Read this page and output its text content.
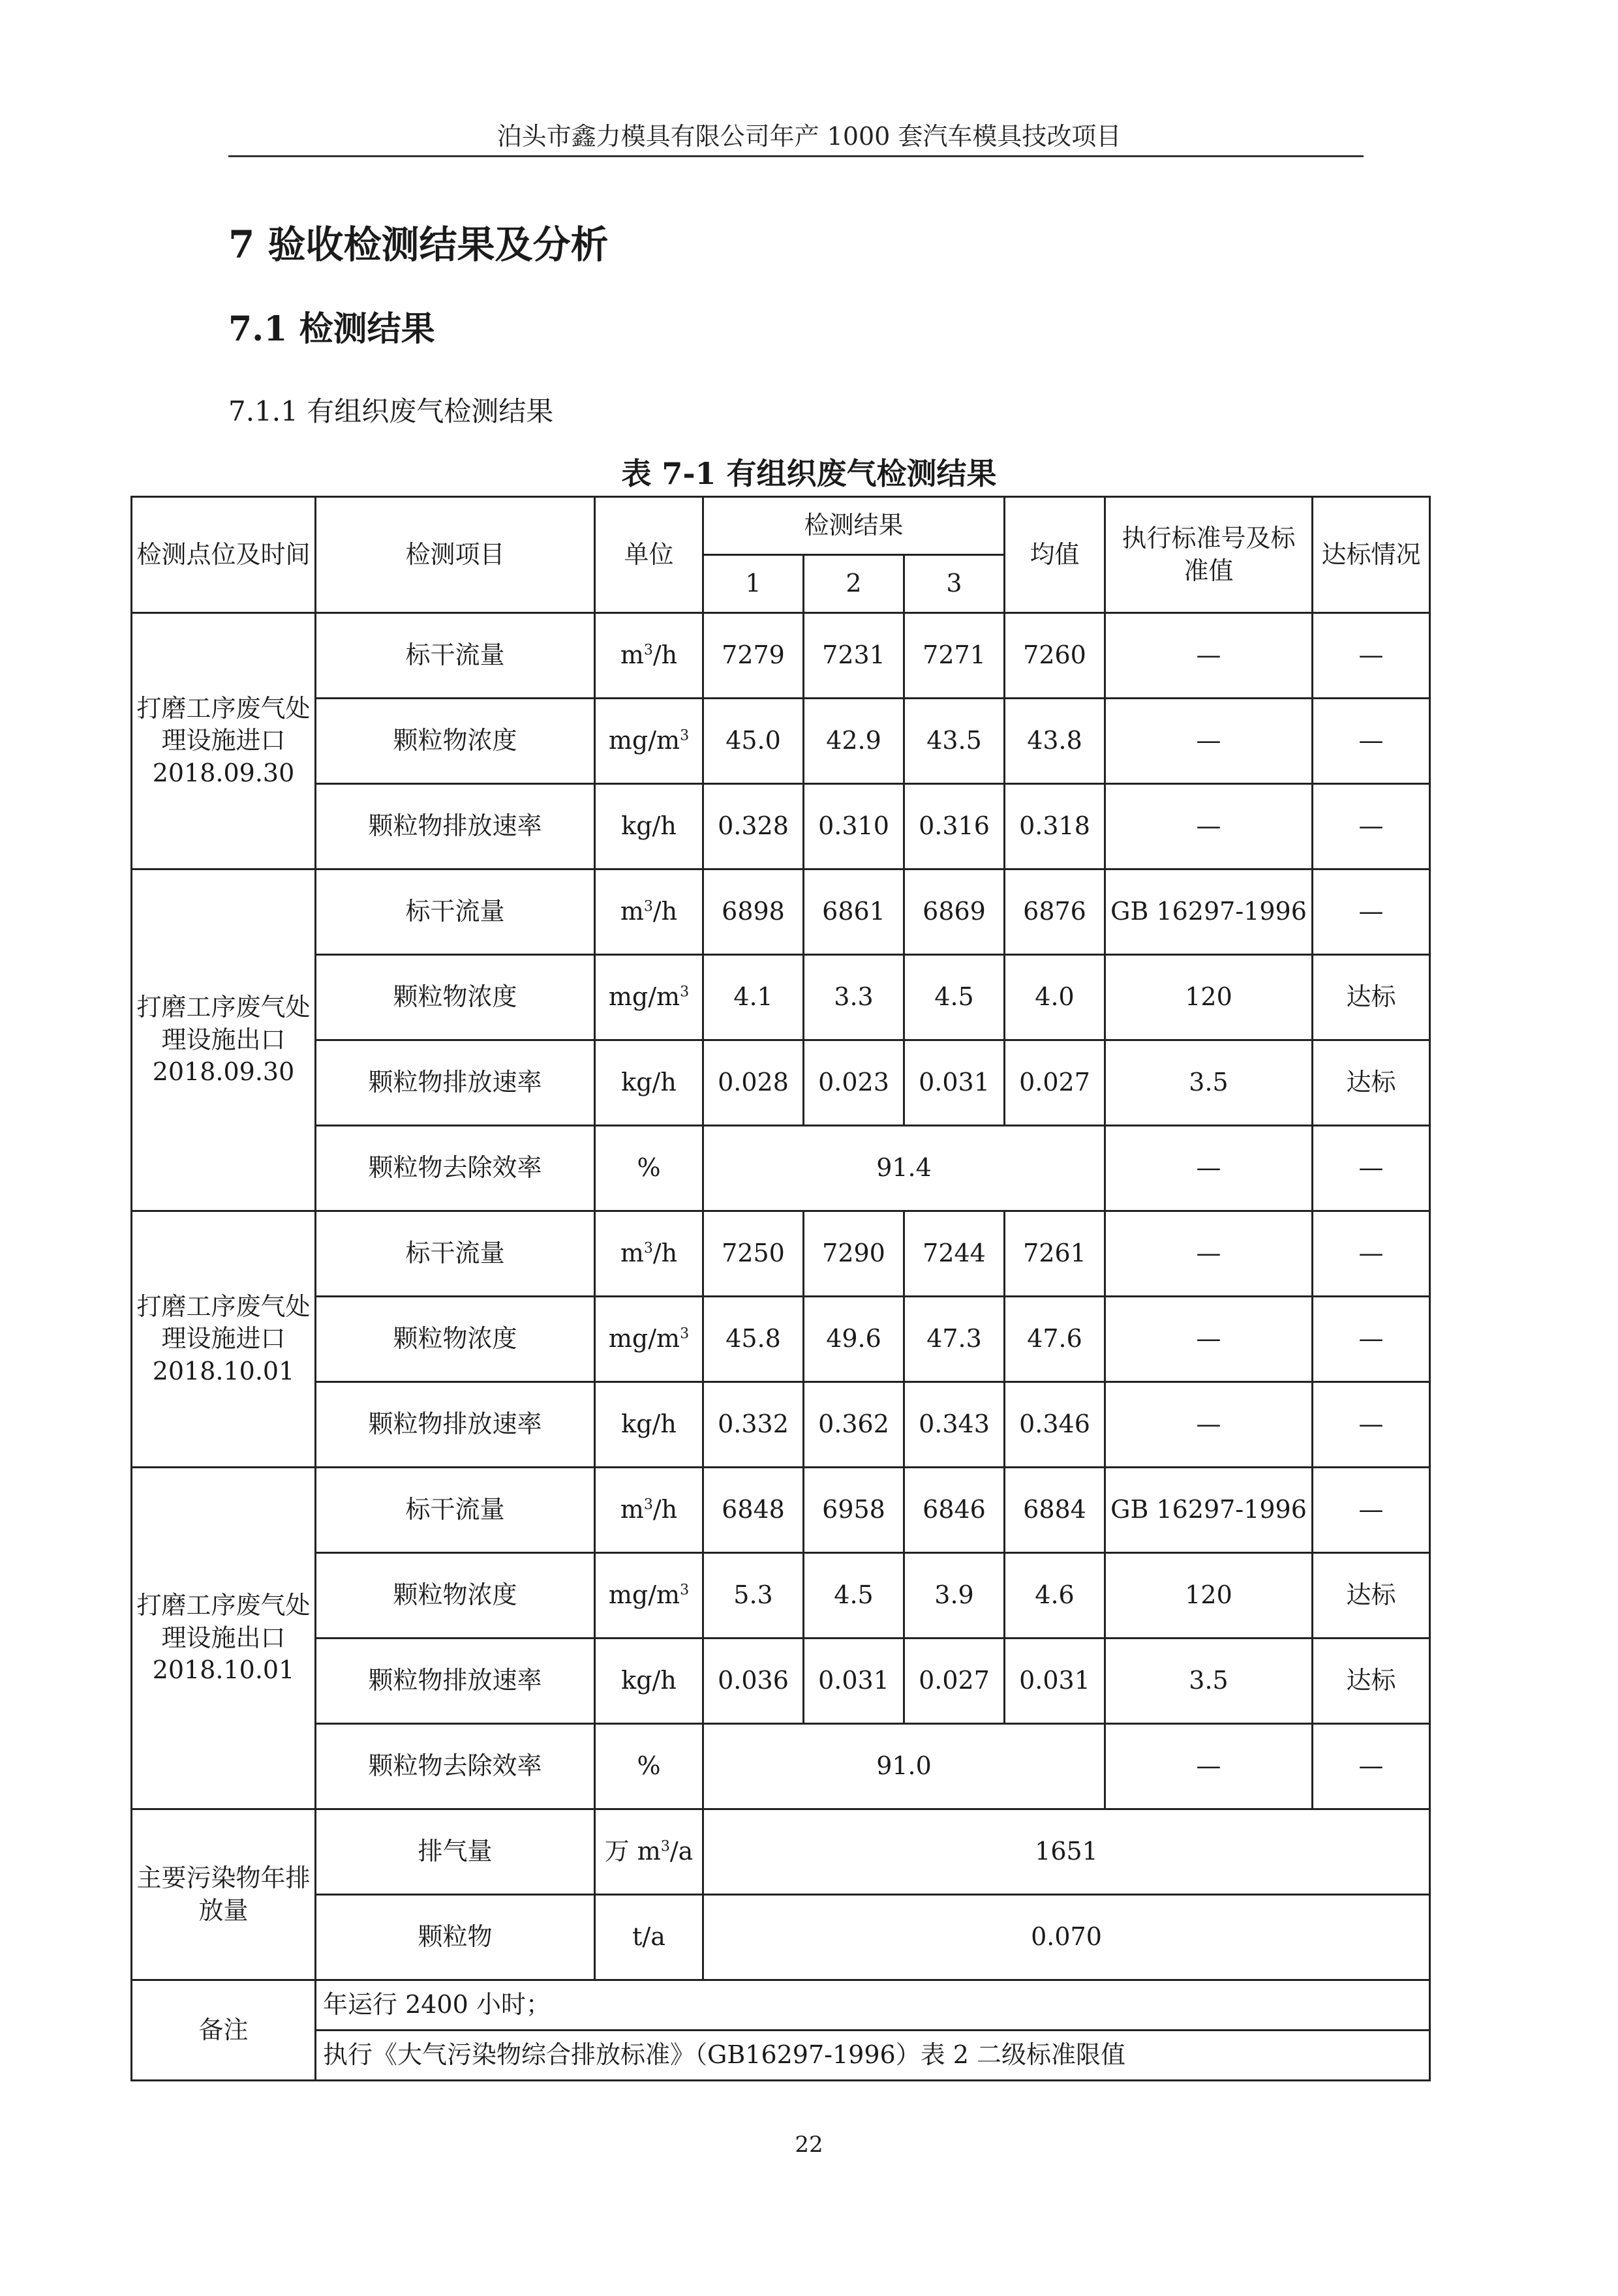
泊头市鑫力模具有限公司年产 1000 套汽车模具技改项目
7 验收检测结果及分析
7.1 检测结果
7.1.1 有组织废气检测结果
表 7-1 有组织废气检测结果
检测点位及时间	检测项目	单位	检测结果			均值	执行标准号及标准值	达标情况
			1	2	3			
打磨工序废气处理设施进口 2018.09.30	标干流量	$m^3/h$	7279	7231	7271	7260	—	—
	颗粒物浓度	$mg/m^3$	45.0	42.9	43.5	43.8	—	—
	颗粒物排放速率	kg/h	0.328	0.310	0.316	0.318	—	—
打磨工序废气处理设施出口 2018.09.30	标干流量	$m^3/h$	6898	6861	6869	6876	GB 16297-1996	—
	颗粒物浓度	$mg/m^3$	4.1	3.3	4.5	4.0	120	达标
	颗粒物排放速率	kg/h	0.028	0.023	0.031	0.027	3.5	达标
	颗粒物去除效率	%	91.4				—	—
打磨工序废气处理设施进口 2018.10.01	标干流量	$m^3/h$	7250	7290	7244	7261	—	—
	颗粒物浓度	$mg/m^3$	45.8	49.6	47.3	47.6	—	—
	颗粒物排放速率	kg/h	0.332	0.362	0.343	0.346	—	—
打磨工序废气处理设施出口 2018.10.01	标干流量	$m^3/h$	6848	6958	6846	6884	GB 16297-1996	—
	颗粒物浓度	$mg/m^3$	5.3	4.5	3.9	4.6	120	达标
	颗粒物排放速率	kg/h	0.036	0.031	0.027	0.031	3.5	达标
	颗粒物去除效率	%	91.0				—	—
主要污染物年排放量	排气量	万 $m^3/a$	1651					
	颗粒物	t/a	0.070					
备注	年运行 2400 小时；							
	执行《大气污染物综合排放标准》（GB16297-1996）表 2 二级标准限值							
22
